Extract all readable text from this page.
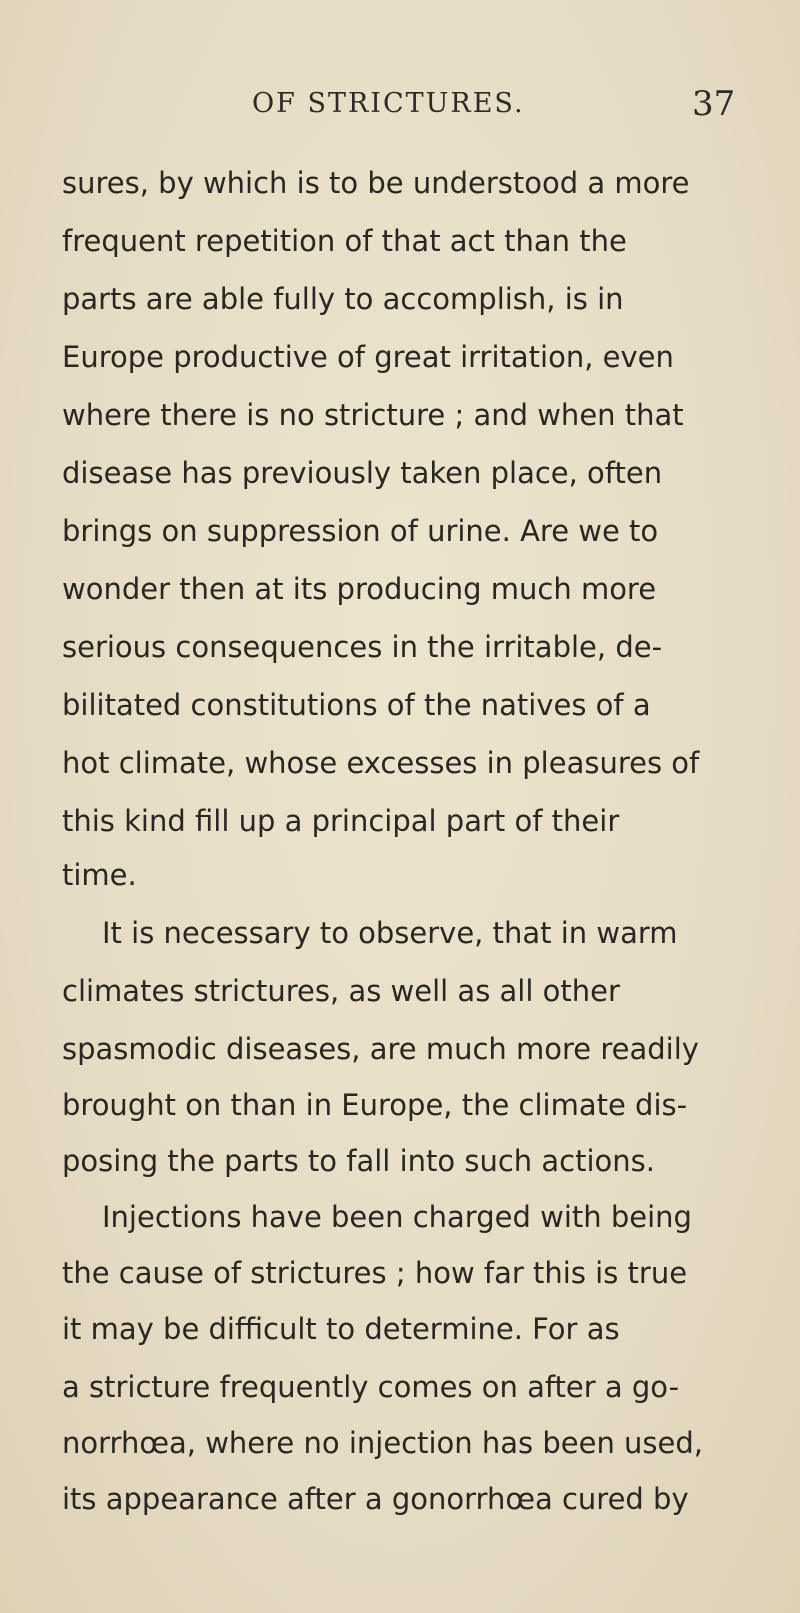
OF STRICTURES.	37
sures, by which is to be understood a more
frequent repetition of that act than the
parts are able fully to accomplish, is in
Europe productive of great irritation, even
where there is no stricture ; and when that
disease has previously taken place, often
brings on suppression of urine. Are we to
wonder then at its producing much more
serious consequences in the irritable, de-
bilitated constitutions of the natives of a
hot climate, whose excesses in pleasures of
this kind fill up a principal part of their
time.
It is necessary to observe, that in warm
climates strictures, as well as all other
spasmodic diseases, are much more readily
brought on than in Europe, the climate dis-
posing the parts to fall into such actions.
Injections have been charged with being
the cause of strictures ; how far this is true
it may be difficult to determine. For as
a stricture frequently comes on after a go-
norrhœa, where no injection has been used,
its appearance after a gonorrhœa cured by
